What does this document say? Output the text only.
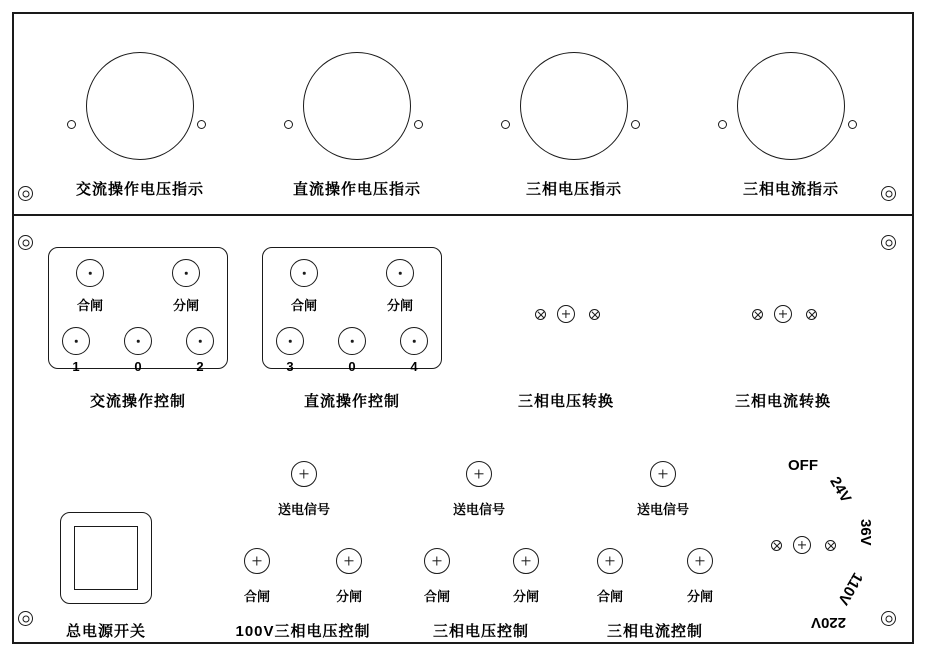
交流操作电压指示	直流操作电压指示	三相电压指示	三相电流指示
合闸	分闸
1	0	2
交流操作控制
合闸	分闸
3	0	4
直流操作控制	三相电压转换	三相电流转换
总电源开关
送电信号
合闸	分闸
100V三相电压控制
送电信号
合闸	分闸
三相电压控制
送电信号
合闸	分闸
三相电流控制
OFF
24V
36V
110V
220V
